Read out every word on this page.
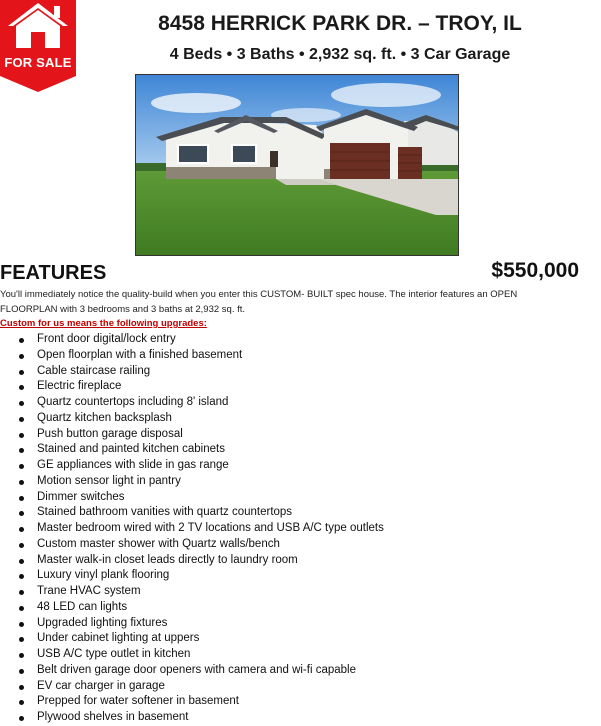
FOR SALE
8458 HERRICK PARK DR. – TROY, IL
4 Beds • 3 Baths • 2,932 sq. ft. • 3 Car Garage
FEATURES	$550,000
You'll immediately notice the quality-build when you enter this CUSTOM- BUILT spec house. The interior features an OPEN FLOORPLAN with 3 bedrooms and 3 baths at 2,932 sq. ft.
Custom for us means the following upgrades:
Front door digital/lock entry
Open floorplan with a finished basement
Cable staircase railing
Electric fireplace
Quartz countertops including 8' island
Quartz kitchen backsplash
Push button garage disposal
Stained and painted kitchen cabinets
GE appliances with slide in gas range
Motion sensor light in pantry
Dimmer switches
Stained bathroom vanities with quartz countertops
Master bedroom wired with 2 TV locations and USB A/C type outlets
Custom master shower with Quartz walls/bench
Master walk-in closet leads directly to laundry room
Luxury vinyl plank flooring
Trane HVAC system
48 LED can lights
Upgraded lighting fixtures
Under cabinet lighting at uppers
USB A/C type outlet in kitchen
Belt driven garage door openers with camera and wi-fi capable
EV car charger in garage
Prepped for water softener in basement
Plywood shelves in basement
